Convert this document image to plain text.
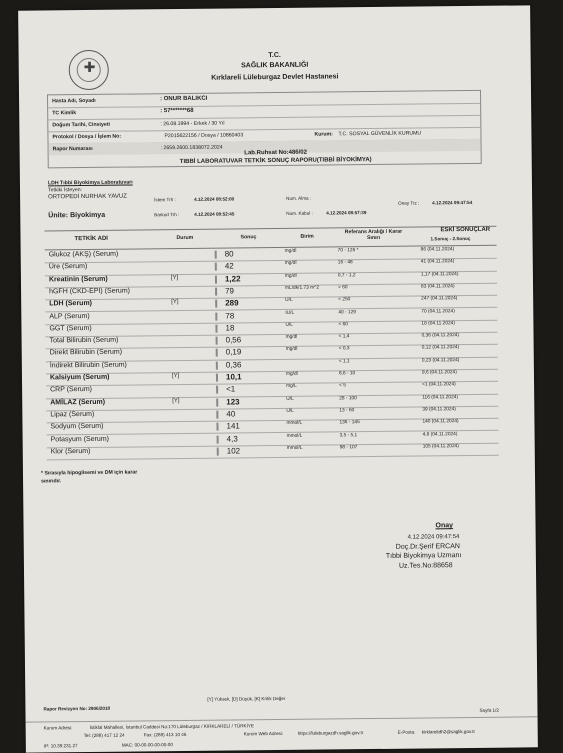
✚
T.C.
SAĞLIK BAKANLIĞI
Kırklareli Lüleburgaz Devlet Hastanesi
Hasta Adı, Soyadı	: ONUR BALIKCI
TC Kimlik	: 57*******68
Doğum Tarihi, Cinsiyeti	: 26.08.1994 - Erkek / 30 Yıl
Protokol / Dosya / İşlem No:	P2015622156 / Dosya / 10860403	Kurum: T.C. SOSYAL GÜVENLİK KURUMU
Rapor Numarası	: 2659.2600.1838072.2024
Lab.Ruhsat No:486/02
TIBBİ LABORATUVAR TETKİK SONUÇ RAPORU(TIBBİ BİYOKİMYA)
LDH Tıbbi Biyokimya Laboratuvarı
Tetkiki İsteyen:
ORTOPEDİ NURHAK YAVUZ
Ünite: Biyokimya
İstem Trh :	4.12.2024 08:52:00
Barkod Trh :	4.12.2024 08:52:45
Num. Alma :
Num. Kabul :	4.12.2024 08:57:39
Onay Trz :	4.12.2024 09:47:54
TETKİK ADI	Durum	Sonuç	Birim
Referans Aralığı / Karar Sınırı
ESKİ SONUÇLAR
1.Sonuç - 2.Sonuç
Glukoz (AKŞ) (Serum)	80	mg/dl	70 - 126 *	86 (04.11.2024)
Üre (Serum)	42	mg/dl	16 - 48	41 (04.11.2024)
Kreatinin (Serum)	[Y]	1,22	mg/dl	0,7 - 1,2	1,17 (04.11.2024)
hGFH (CKD-EPI) (Serum)	79	mL/dk/1.73 m^2	> 60	83 (04.11.2024)
LDH (Serum)	[Y]	289	U/L	< 250	247 (04.11.2024)
ALP (Serum)	78	IU/L	40 - 129	70 (04.11.2024)
GGT (Serum)	18	U/L	< 60	18 (04.11.2024)
Total Bilirubin (Serum)	0,56	mg/dl	< 1,4	0,36 (04.11.2024)
Direkt Bilirubin (Serum)	0,19	mg/dl	< 0,3	0,12 (04.11.2024)
İndirekt Bilirubin (Serum)	0,36	< 1,1	0,23 (04.11.2024)
Kalsiyum (Serum)	[Y]	10,1	mg/dl	8,6 - 10	9,6 (04.11.2024)
CRP (Serum)	<1	mg/L	< 5	<1 (04.11.2024)
AMİLAZ (Serum)	[Y]	123	U/L	28 - 100	116 (04.11.2024)
Lipaz (Serum)	40	U/L	13 - 60	39 (04.11.2024)
Sodyum (Serum)	141	mmol/L	136 - 145	140 (04.11.2024)
Potasyum (Serum)	4,3	mmol/L	3,5 - 5,1	4,8 (04.11.2024)
Klor (Serum)	102	mmol/L	98 - 107	105 (04.11.2024)
* Sırasıyla hipoglisemi ve DM için karar
sınırıdır.
Onay
4.12.2024 09:47:54
Doç.Dr.Şerif ERCAN
Tıbbi Biyokimya Uzmanı
Uz.Tes.No:88658
[Y] Yüksek, [D] Düşük, [K] Kritik Değer
Rapor Revizyon No: 2906/2018	Sayfa 1/2
Kurum Adresi:	İstiklal Mahallesi, İstanbul Caddesi No:170 Lüleburgaz / KIRKLARELİ / TÜRKİYE
Tel: (288) 417 12 24	Fax: (288) 413 10 46	Kurum Web Adresi:	https://luleburgazdh.saglik.gov.tr	E-Posta: kirklarelidh2@saglik.gov.tr
IP: 10.39.231.27	MAC: 00-00-00-00-00-00
